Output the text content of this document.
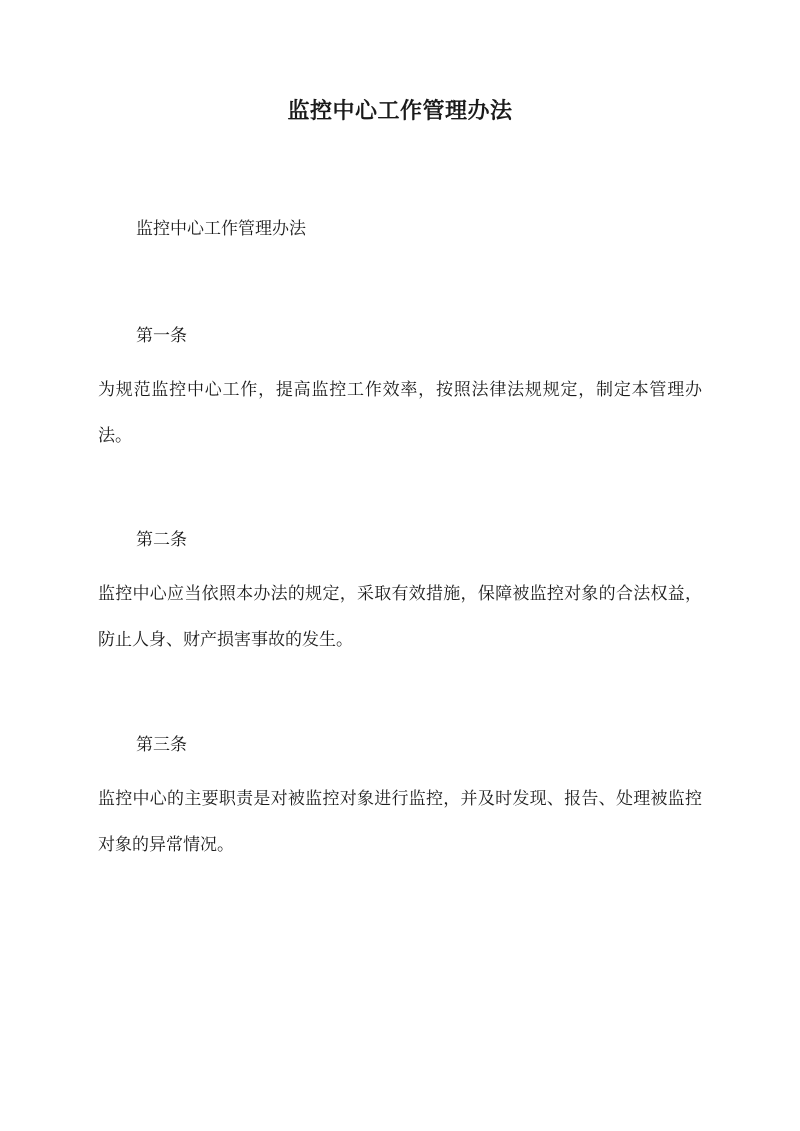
监控中心工作管理办法
监控中心工作管理办法
第一条
为规范监控中心工作，提高监控工作效率，按照法律法规规定，制定本管理办法。
第二条
监控中心应当依照本办法的规定，采取有效措施，保障被监控对象的合法权益，防止人身、财产损害事故的发生。
第三条
监控中心的主要职责是对被监控对象进行监控，并及时发现、报告、处理被监控对象的异常情况。
